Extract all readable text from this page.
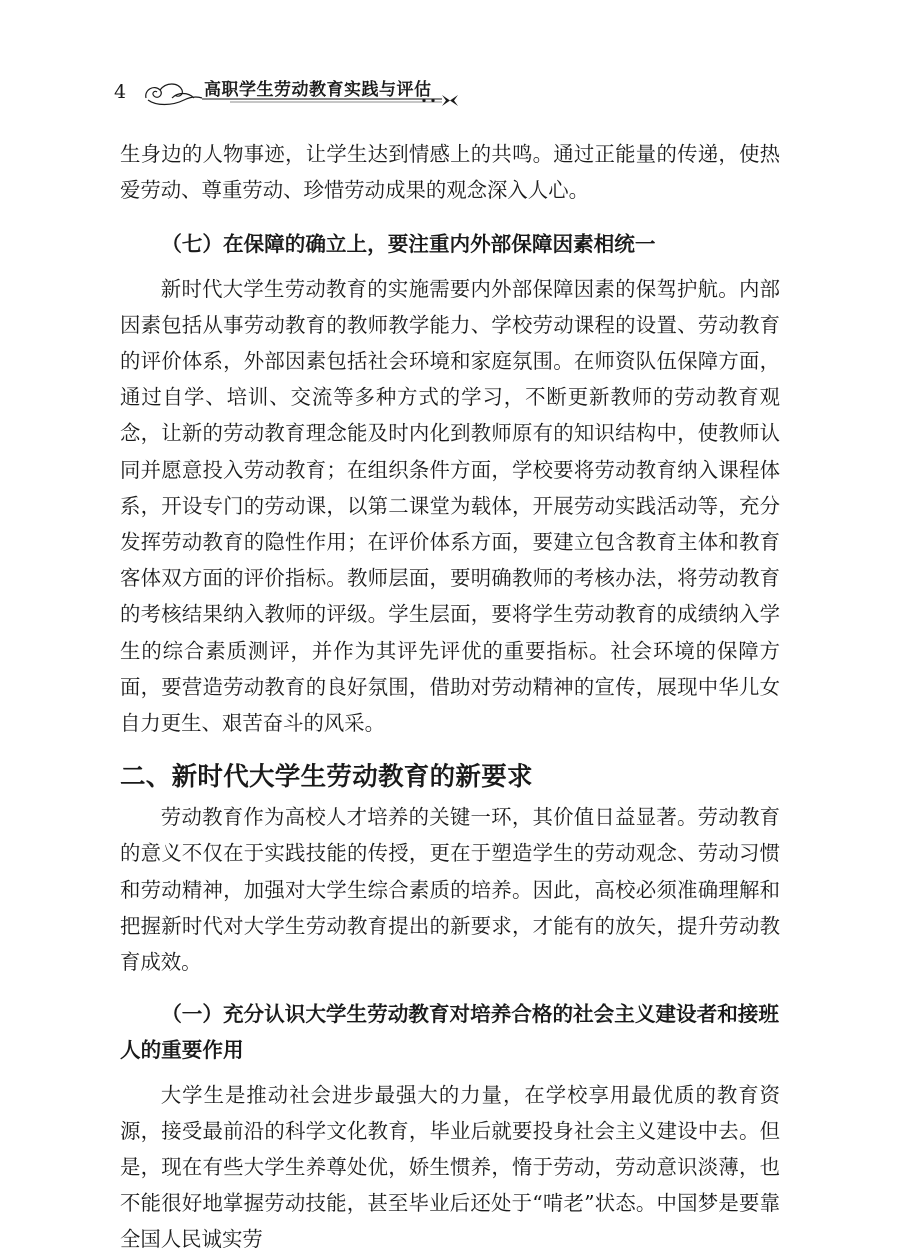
4	高职学生劳动教育实践与评估

生身边的人物事迹，让学生达到情感上的共鸣。通过正能量的传递，使热爱劳动、尊重劳动、珍惜劳动成果的观念深入人心。

（七）在保障的确立上，要注重内外部保障因素相统一

新时代大学生劳动教育的实施需要内外部保障因素的保驾护航。内部因素包括从事劳动教育的教师教学能力、学校劳动课程的设置、劳动教育的评价体系，外部因素包括社会环境和家庭氛围。在师资队伍保障方面，通过自学、培训、交流等多种方式的学习，不断更新教师的劳动教育观念，让新的劳动教育理念能及时内化到教师原有的知识结构中，使教师认同并愿意投入劳动教育；在组织条件方面，学校要将劳动教育纳入课程体系，开设专门的劳动课，以第二课堂为载体，开展劳动实践活动等，充分发挥劳动教育的隐性作用；在评价体系方面，要建立包含教育主体和教育客体双方面的评价指标。教师层面，要明确教师的考核办法，将劳动教育的考核结果纳入教师的评级。学生层面，要将学生劳动教育的成绩纳入学生的综合素质测评，并作为其评先评优的重要指标。社会环境的保障方面，要营造劳动教育的良好氛围，借助对劳动精神的宣传，展现中华儿女自力更生、艰苦奋斗的风采。

二、新时代大学生劳动教育的新要求

劳动教育作为高校人才培养的关键一环，其价值日益显著。劳动教育的意义不仅在于实践技能的传授，更在于塑造学生的劳动观念、劳动习惯和劳动精神，加强对大学生综合素质的培养。因此，高校必须准确理解和把握新时代对大学生劳动教育提出的新要求，才能有的放矢，提升劳动教育成效。

（一）充分认识大学生劳动教育对培养合格的社会主义建设者和接班人的重要作用

大学生是推动社会进步最强大的力量，在学校享用最优质的教育资源，接受最前沿的科学文化教育，毕业后就要投身社会主义建设中去。但是，现在有些大学生养尊处优，娇生惯养，惰于劳动，劳动意识淡薄，也不能很好地掌握劳动技能，甚至毕业后还处于“啃老”状态。中国梦是要靠全国人民诚实劳
